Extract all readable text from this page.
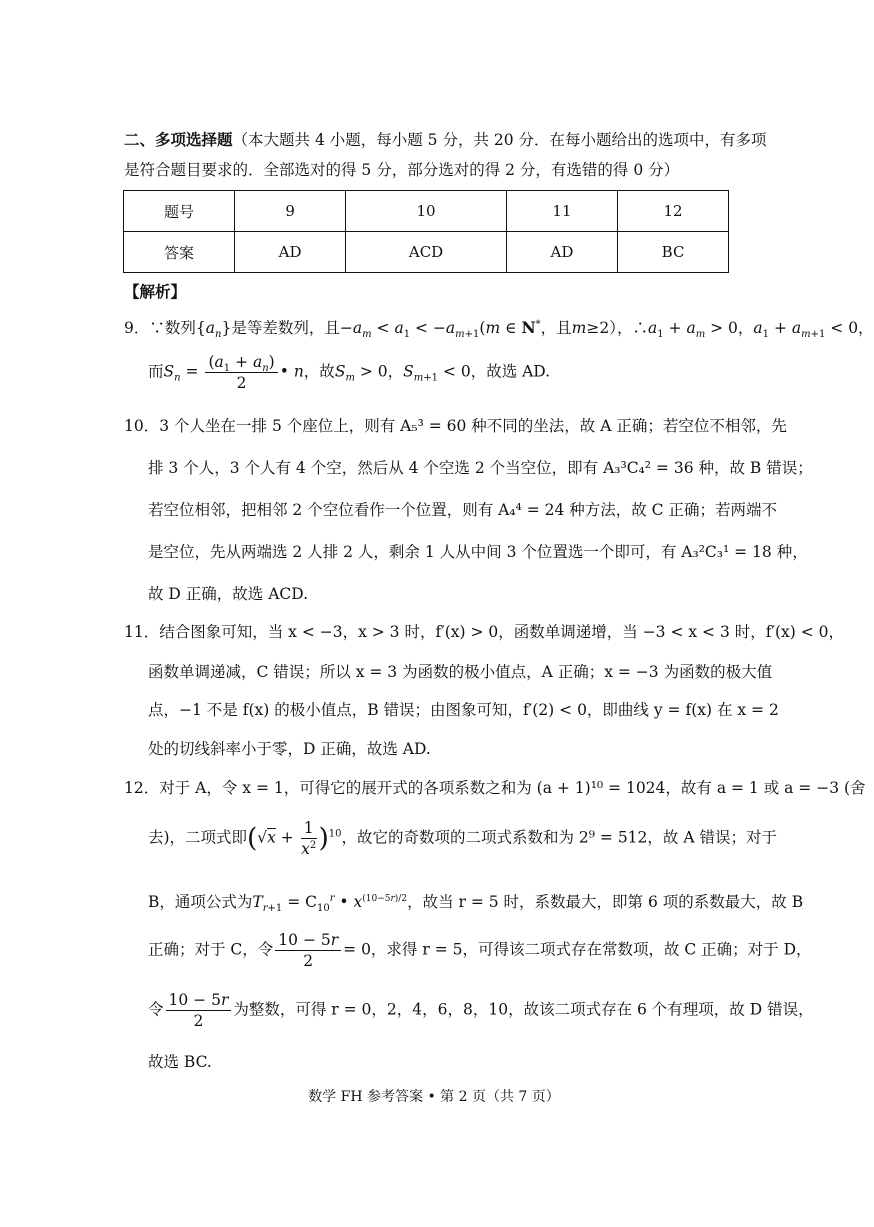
二、多项选择题（本大题共 4 小题，每小题 5 分，共 20 分．在每小题给出的选项中，有多项
是符合题目要求的．全部选对的得 5 分，部分选对的得 2 分，有选错的得 0 分）
题号	9	10	11	12
答案	AD	ACD	AD	BC
【解析】
9．∵数列$\{a_n\}$是等差数列，且$-a_m < a_1 < -a_{m+1}(m$ ∈ N*，且m≥2），$\therefore a_1 + a_m > 0$，$a_1 + a_{m+1} < 0$，
而$S_n = \frac{(a_1 + a_n)}{2}$ • n，故$S_m > 0$，$S_{m+1} < 0$，故选 AD.
10．3 个人坐在一排 5 个座位上，则有 A₅³ = 60 种不同的坐法，故 A 正确；若空位不相邻，先
排 3 个人，3 个人有 4 个空，然后从 4 个空选 2 个当空位，即有 A₃³C₄² = 36 种，故 B 错误；
若空位相邻，把相邻 2 个空位看作一个位置，则有 A₄⁴ = 24 种方法，故 C 正确；若两端不
是空位，先从两端选 2 人排 2 人，剩余 1 人从中间 3 个位置选一个即可，有 A₃²C₃¹ = 18 种，
故 D 正确，故选 ACD.
11．结合图象可知，当 x < −3，x > 3 时，f′(x) > 0，函数单调递增，当 −3 < x < 3 时，f′(x) < 0，
函数单调递减，C 错误；所以 x = 3 为函数的极小值点，A 正确；x = −3 为函数的极大值
点，−1 不是 f(x) 的极小值点，B 错误；由图象可知，f′(2) < 0，即曲线 y = f(x) 在 x = 2
处的切线斜率小于零，D 正确，故选 AD.
12．对于 A，令 x = 1，可得它的展开式的各项系数之和为 (a + 1)¹⁰ = 1024，故有 a = 1 或 a = −3 (舍
去)，二项式即$(√x + \frac{1}{x^2} )^{10}$，故它的奇数项的二项式系数和为 2⁹ = 512，故 A 错误；对于
B，通项公式为$T_{r+1} = C_{10}^r$ • $x^{(10-5r)/2}$，故当 r = 5 时，系数最大，即第 6 项的系数最大，故 B
正确；对于 C，令 $\frac{10 - 5r}{2} = 0$，求得 r = 5，可得该二项式存在常数项，故 C 正确；对于 D，
令 $\frac{10 - 5r}{2}$ 为整数，可得 r = 0，2，4，6，8，10，故该二项式存在 6 个有理项，故 D 错误，
故选 BC.
数学 FH 参考答案 • 第 2 页（共 7 页）
